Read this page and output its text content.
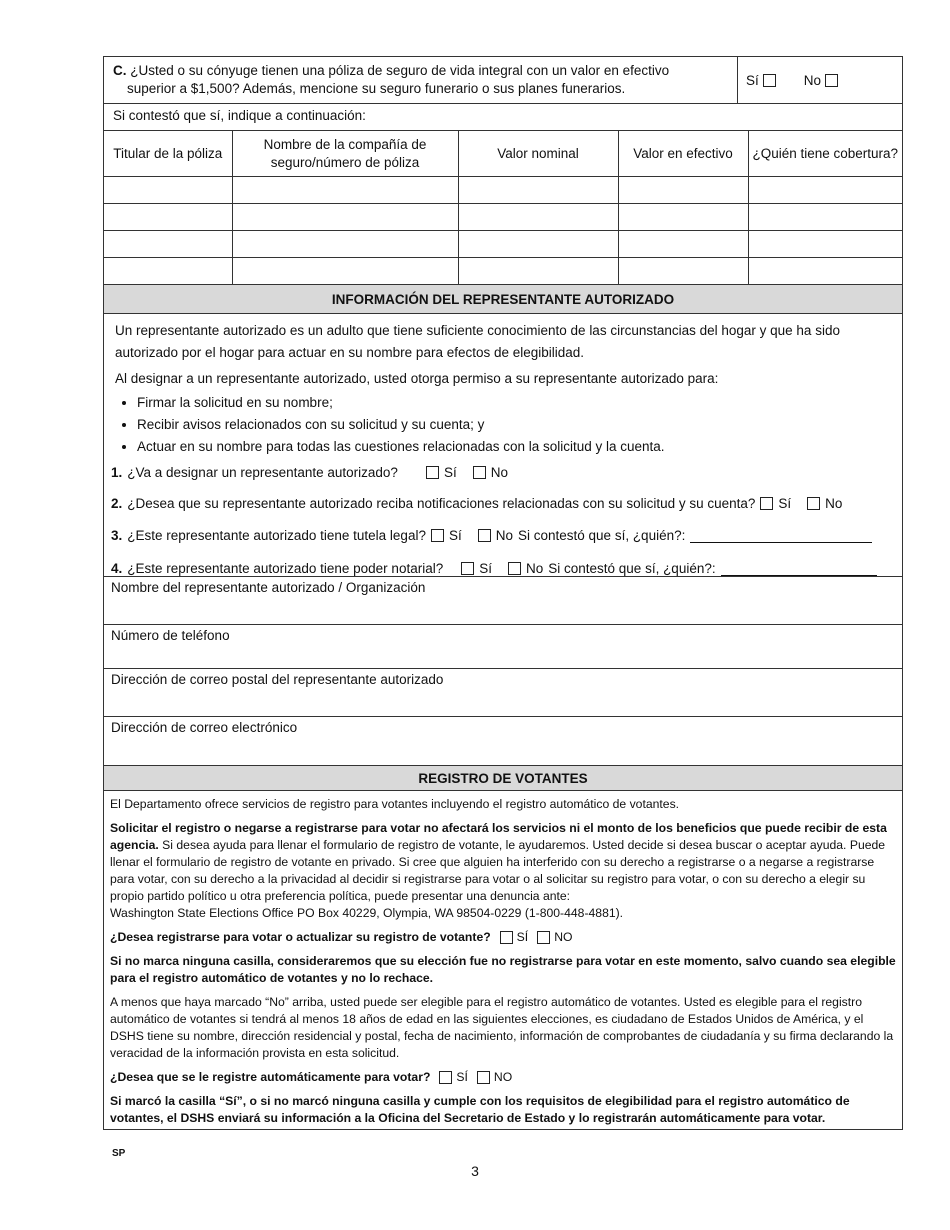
C. ¿Usted o su cónyuge tienen una póliza de seguro de vida integral con un valor en efectivo
superior a $1,500? Además, mencione su seguro funerario o sus planes funerarios.
Sí	No
Si contestó que sí, indique a continuación:
Titular de la póliza	Nombre de la compañía de seguro/número de póliza	Valor nominal	Valor en efectivo	¿Quién tiene cobertura?

INFORMACIÓN DEL REPRESENTANTE AUTORIZADO

Un representante autorizado es un adulto que tiene suficiente conocimiento de las circunstancias del hogar y que ha sido autorizado por el hogar para actuar en su nombre para efectos de elegibilidad.

Al designar a un representante autorizado, usted otorga permiso a su representante autorizado para:

• Firmar la solicitud en su nombre;
• Recibir avisos relacionados con su solicitud y su cuenta; y
• Actuar en su nombre para todas las cuestiones relacionadas con la solicitud y la cuenta.
1. ¿Va a designar un representante autorizado?	Sí	No
2. ¿Desea que su representante autorizado reciba notificaciones relacionadas con su solicitud y su cuenta? Sí	No
3. ¿Este representante autorizado tiene tutela legal? Sí	No Si contestó que sí, ¿quién?:
4. ¿Este representante autorizado tiene poder notarial?	Sí	No Si contestó que sí, ¿quién?:
Nombre del representante autorizado / Organización
Número de teléfono
Dirección de correo postal del representante autorizado
Dirección de correo electrónico
REGISTRO DE VOTANTES

El Departamento ofrece servicios de registro para votantes incluyendo el registro automático de votantes.

Solicitar el registro o negarse a registrarse para votar no afectará los servicios ni el monto de los beneficios que puede recibir de esta agencia. Si desea ayuda para llenar el formulario de registro de votante, le ayudaremos. Usted decide si desea buscar o aceptar ayuda. Puede llenar el formulario de registro de votante en privado. Si cree que alguien ha interferido con su derecho a registrarse o a negarse a registrarse para votar, con su derecho a la privacidad al decidir si registrarse para votar o al solicitar su registro para votar, o con su derecho a elegir su propio partido político u otra preferencia política, puede presentar una denuncia ante:
Washington State Elections Office PO Box 40229, Olympia, WA 98504-0229 (1-800-448-4881).

¿Desea registrarse para votar o actualizar su registro de votante? SÍ NO

Si no marca ninguna casilla, consideraremos que su elección fue no registrarse para votar en este momento, salvo cuando sea elegible para el registro automático de votantes y no lo rechace.

A menos que haya marcado “No” arriba, usted puede ser elegible para el registro automático de votantes. Usted es elegible para el registro automático de votantes si tendrá al menos 18 años de edad en las siguientes elecciones, es ciudadano de Estados Unidos de América, y el DSHS tiene su nombre, dirección residencial y postal, fecha de nacimiento, información de comprobantes de ciudadanía y su firma declarando la veracidad de la información provista en esta solicitud.

¿Desea que se le registre automáticamente para votar? SÍ NO

Si marcó la casilla “Sí”, o si no marcó ninguna casilla y cumple con los requisitos de elegibilidad para el registro automático de votantes, el DSHS enviará su información a la Oficina del Secretario de Estado y lo registrarán automáticamente para votar.

SP
3
